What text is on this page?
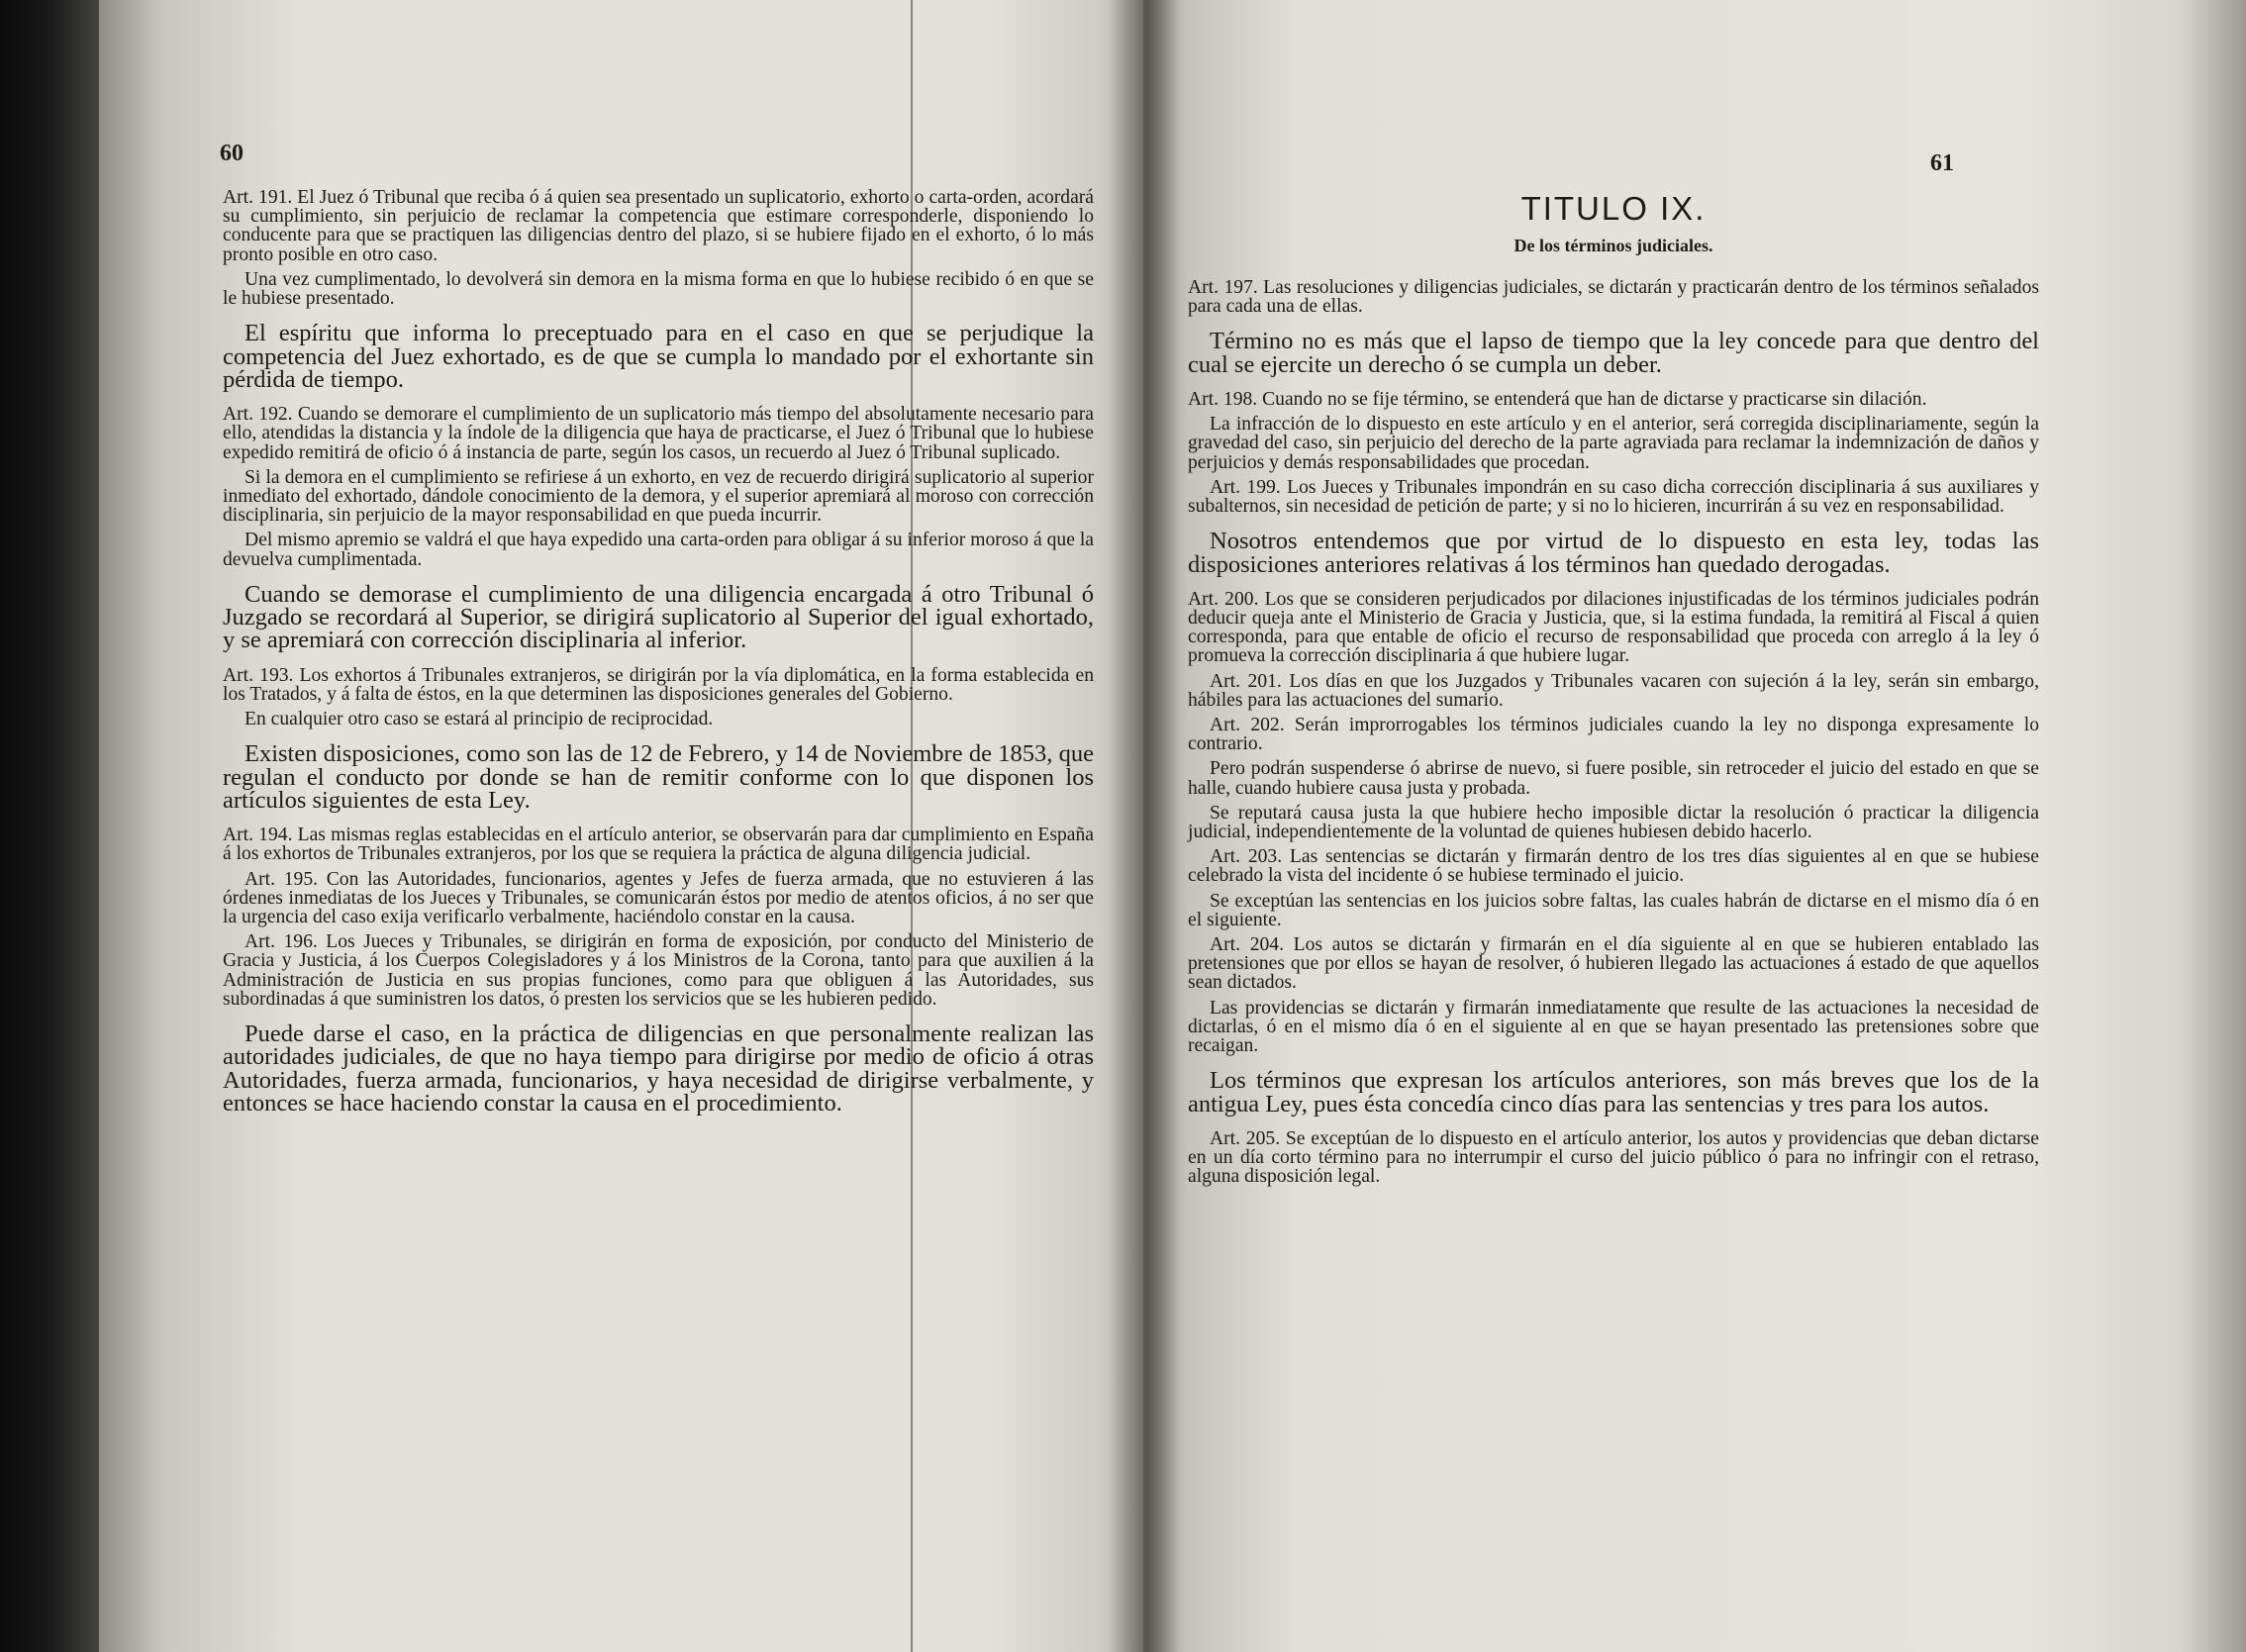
60	61

Art. 191. El Juez ó Tribunal que reciba ó á quien sea presentado un suplicatorio, exhorto o carta-orden, acordará su cumplimiento, sin perjuicio de reclamar la competencia que estimare corresponderle, disponiendo lo conducente para que se practiquen las diligencias dentro del plazo, si se hubiere fijado en el exhorto, ó lo más pronto posible en otro caso.

Una vez cumplimentado, lo devolverá sin demora en la misma forma en que lo hubiese recibido ó en que se le hubiese presentado.

El espíritu que informa lo preceptuado para en el caso en que se perjudique la competencia del Juez exhortado, es de que se cumpla lo mandado por el exhortante sin pérdida de tiempo.

Art. 192. Cuando se demorare el cumplimiento de un suplicatorio más tiempo del absolutamente necesario para ello, atendidas la distancia y la índole de la diligencia que haya de practicarse, el Juez ó Tribunal que lo hubiese expedido remitirá de oficio ó á instancia de parte, según los casos, un recuerdo al Juez ó Tribunal suplicado.

Si la demora en el cumplimiento se refiriese á un exhorto, en vez de recuerdo dirigirá suplicatorio al superior inmediato del exhortado, dándole conocimiento de la demora, y el superior apremiará al moroso con corrección disciplinaria, sin perjuicio de la mayor responsabilidad en que pueda incurrir.

Del mismo apremio se valdrá el que haya expedido una carta-orden para obligar á su inferior moroso á que la devuelva cumplimentada.

Cuando se demorase el cumplimiento de una diligencia encargada á otro Tribunal ó Juzgado se recordará al Superior, se dirigirá suplicatorio al Superior del igual exhortado, y se apremiará con corrección disciplinaria al inferior.

Art. 193. Los exhortos á Tribunales extranjeros, se dirigirán por la vía diplomática, en la forma establecida en los Tratados, y á falta de éstos, en la que determinen las disposiciones generales del Gobierno.

En cualquier otro caso se estará al principio de reciprocidad.

Existen disposiciones, como son las de 12 de Febrero, y 14 de Noviembre de 1853, que regulan el conducto por donde se han de remitir conforme con lo que disponen los artículos siguientes de esta Ley.

Art. 194. Las mismas reglas establecidas en el artículo anterior, se observarán para dar cumplimiento en España á los exhortos de Tribunales extranjeros, por los que se requiera la práctica de alguna diligencia judicial.

Art. 195. Con las Autoridades, funcionarios, agentes y Jefes de fuerza armada, que no estuvieren á las órdenes inmediatas de los Jueces y Tribunales, se comunicarán éstos por medio de atentos oficios, á no ser que la urgencia del caso exija verificarlo verbalmente, haciéndolo constar en la causa.

Art. 196. Los Jueces y Tribunales, se dirigirán en forma de exposición, por conducto del Ministerio de Gracia y Justicia, á los Cuerpos Colegisladores y á los Ministros de la Corona, tanto para que auxilien á la Administración de Justicia en sus propias funciones, como para que obliguen á las Autoridades, sus subordinadas á que suministren los datos, ó presten los servicios que se les hubieren pedido.

Puede darse el caso, en la práctica de diligencias en que personalmente realizan las autoridades judiciales, de que no haya tiempo para dirigirse por medio de oficio á otras Autoridades, fuerza armada, funcionarios, y haya necesidad de dirigirse verbalmente, y entonces se hace haciendo constar la causa en el procedimiento.

TITULO IX.
De los términos judiciales.

Art. 197. Las resoluciones y diligencias judiciales, se dictarán y practicarán dentro de los términos señalados para cada una de ellas.

Término no es más que el lapso de tiempo que la ley concede para que dentro del cual se ejercite un derecho ó se cumpla un deber.

Art. 198. Cuando no se fije término, se entenderá que han de dictarse y practicarse sin dilación.

La infracción de lo dispuesto en este artículo y en el anterior, será corregida disciplinariamente, según la gravedad del caso, sin perjuicio del derecho de la parte agraviada para reclamar la indemnización de daños y perjuicios y demás responsabilidades que procedan.

Art. 199. Los Jueces y Tribunales impondrán en su caso dicha corrección disciplinaria á sus auxiliares y subalternos, sin necesidad de petición de parte; y si no lo hicieren, incurrirán á su vez en responsabilidad.

Nosotros entendemos que por virtud de lo dispuesto en esta ley, todas las disposiciones anteriores relativas á los términos han quedado derogadas.

Art. 200. Los que se consideren perjudicados por dilaciones injustificadas de los términos judiciales podrán deducir queja ante el Ministerio de Gracia y Justicia, que, si la estima fundada, la remitirá al Fiscal á quien corresponda, para que entable de oficio el recurso de responsabilidad que proceda con arreglo á la ley ó promueva la corrección disciplinaria á que hubiere lugar.

Art. 201. Los días en que los Juzgados y Tribunales vacaren con sujeción á la ley, serán sin embargo, hábiles para las actuaciones del sumario.

Art. 202. Serán improrrogables los términos judiciales cuando la ley no disponga expresamente lo contrario.

Pero podrán suspenderse ó abrirse de nuevo, si fuere posible, sin retroceder el juicio del estado en que se halle, cuando hubiere causa justa y probada.

Se reputará causa justa la que hubiere hecho imposible dictar la resolución ó practicar la diligencia judicial, independientemente de la voluntad de quienes hubiesen debido hacerlo.

Art. 203. Las sentencias se dictarán y firmarán dentro de los tres días siguientes al en que se hubiese celebrado la vista del incidente ó se hubiese terminado el juicio.

Se exceptúan las sentencias en los juicios sobre faltas, las cuales habrán de dictarse en el mismo día ó en el siguiente.

Art. 204. Los autos se dictarán y firmarán en el día siguiente al en que se hubieren entablado las pretensiones que por ellos se hayan de resolver, ó hubieren llegado las actuaciones á estado de que aquellos sean dictados.

Las providencias se dictarán y firmarán inmediatamente que resulte de las actuaciones la necesidad de dictarlas, ó en el mismo día ó en el siguiente al en que se hayan presentado las pretensiones sobre que recaigan.

Los términos que expresan los artículos anteriores, son más breves que los de la antigua Ley, pues ésta concedía cinco días para las sentencias y tres para los autos.

Art. 205. Se exceptúan de lo dispuesto en el artículo anterior, los autos y providencias que deban dictarse en un día corto término para no interrumpir el curso del juicio público ó para no infringir con el retraso, alguna disposición legal.
